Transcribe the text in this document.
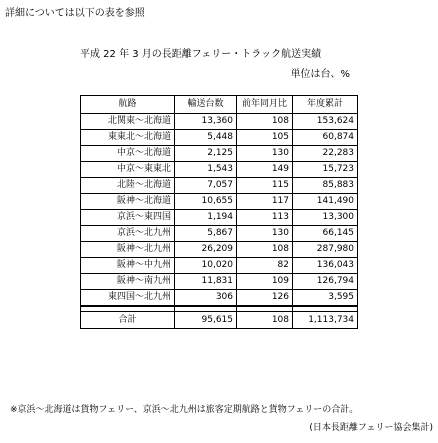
詳細については以下の表を参照
平成 22 年 3 月の長距離フェリー・トラック航送実績
単位は台、%
航路	輸送台数	前年同月比	年度累計
北関東～北海道	13,360	108	153,624
東東北～北海道	5,448	105	60,874
中京～北海道	2,125	130	22,283
中京～東東北	1,543	149	15,723
北陸～北海道	7,057	115	85,883
阪神～北海道	10,655	117	141,490
京浜～東四国	1,194	113	13,300
京浜～北九州	5,867	130	66,145
阪神～北九州	26,209	108	287,980
阪神～中九州	10,020	82	136,043
阪神～南九州	11,831	109	126,794
東四国～北九州	306	126	3,595

合計	95,615	108	1,113,734
※京浜～北海道は貨物フェリー、京浜～北九州は旅客定期航路と貨物フェリーの合計。
(日本長距離フェリー協会集計)
